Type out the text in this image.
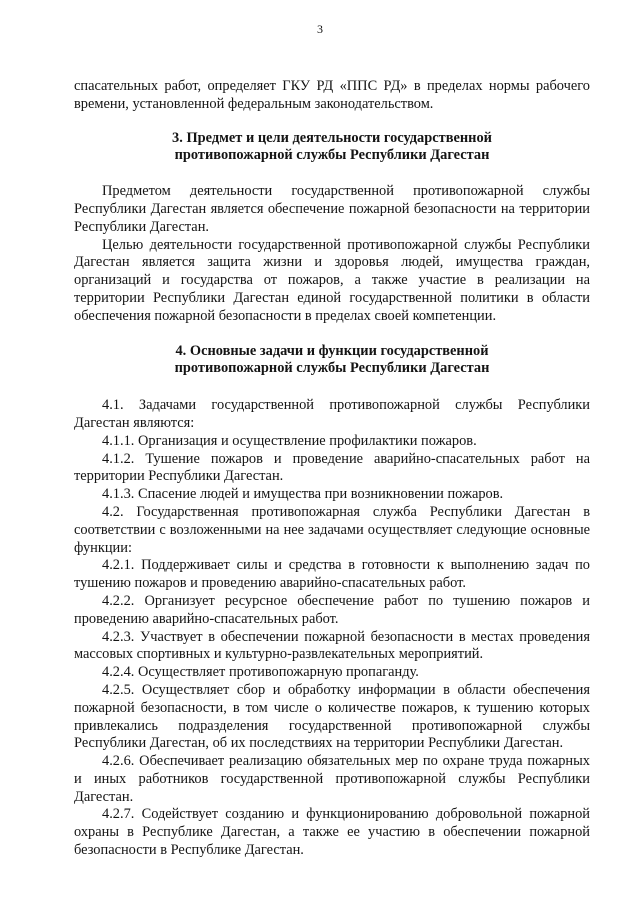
3

спасательных работ, определяет ГКУ РД «ППС РД» в пределах нормы рабочего времени, установленной федеральным законодательством.

3. Предмет и цели деятельности государственной
противопожарной службы Республики Дагестан

Предметом деятельности государственной противопожарной службы Республики Дагестан является обеспечение пожарной безопасности на территории Республики Дагестан.

Целью деятельности государственной противопожарной службы Республики Дагестан является защита жизни и здоровья людей, имущества граждан, организаций и государства от пожаров, а также участие в реализации на территории Республики Дагестан единой государственной политики в области обеспечения пожарной безопасности в пределах своей компетенции.

4. Основные задачи и функции государственной
противопожарной службы Республики Дагестан

4.1. Задачами государственной противопожарной службы Республики Дагестан являются:

4.1.1. Организация и осуществление профилактики пожаров.

4.1.2. Тушение пожаров и проведение аварийно-спасательных работ на территории Республики Дагестан.

4.1.3. Спасение людей и имущества при возникновении пожаров.

4.2. Государственная противопожарная служба Республики Дагестан в соответствии с возложенными на нее задачами осуществляет следующие основные функции:

4.2.1. Поддерживает силы и средства в готовности к выполнению задач по тушению пожаров и проведению аварийно-спасательных работ.

4.2.2. Организует ресурсное обеспечение работ по тушению пожаров и проведению аварийно-спасательных работ.

4.2.3. Участвует в обеспечении пожарной безопасности в местах проведения массовых спортивных и культурно-развлекательных мероприятий.

4.2.4. Осуществляет противопожарную пропаганду.

4.2.5. Осуществляет сбор и обработку информации в области обеспечения пожарной безопасности, в том числе о количестве пожаров, к тушению которых привлекались подразделения государственной противопожарной службы Республики Дагестан, об их последствиях на территории Республики Дагестан.

4.2.6. Обеспечивает реализацию обязательных мер по охране труда пожарных и иных работников государственной противопожарной службы Республики Дагестан.

4.2.7. Содействует созданию и функционированию добровольной пожарной охраны в Республике Дагестан, а также ее участию в обеспечении пожарной безопасности в Республике Дагестан.
